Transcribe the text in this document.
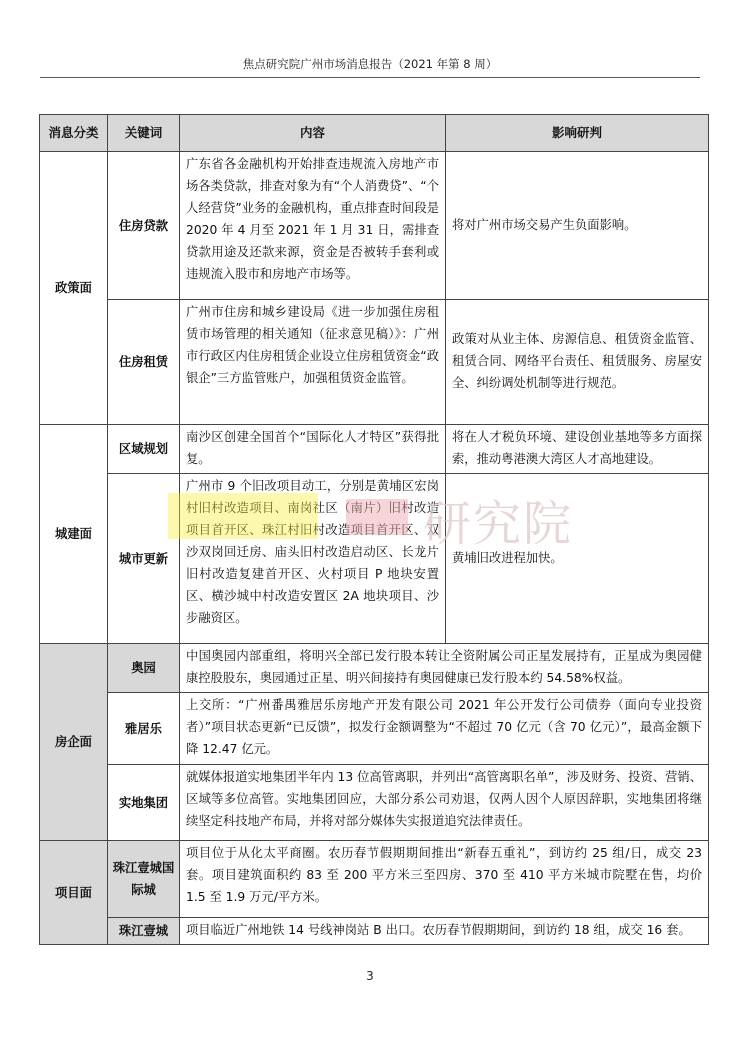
焦点研究院广州市场消息报告（2021 年第 8 周）
消息分类	关键词	内容	影响研判
政策面	住房贷款	广东省各金融机构开始排查违规流入房地产市场各类贷款，排查对象为有“个人消费贷”、“个人经营贷”业务的金融机构，重点排查时间段是 2020 年 4 月至 2021 年 1 月 31 日，需排查贷款用途及还款来源，资金是否被转手套利或违规流入股市和房地产市场等。	将对广州市场交易产生负面影响。
	住房租赁	广州市住房和城乡建设局《进一步加强住房租赁市场管理的相关通知（征求意见稿）》：广州市行政区内住房租赁企业设立住房租赁资金“政银企”三方监管账户，加强租赁资金监管。	政策对从业主体、房源信息、租赁资金监管、租赁合同、网络平台责任、租赁服务、房屋安全、纠纷调处机制等进行规范。
城建面	区域规划	南沙区创建全国首个“国际化人才特区”获得批复。	将在人才税负环境、建设创业基地等多方面探索，推动粤港澳大湾区人才高地建设。
	城市更新	广州市 9 个旧改项目动工，分别是黄埔区宏岗村旧村改造项目、南岗社区（南片）旧村改造项目首开区、珠江村旧村改造项目首开区、双沙双岗回迁房、庙头旧村改造启动区、长龙片旧村改造复建首开区、火村项目 P 地块安置区、横沙城中村改造安置区 2A 地块项目、沙步融资区。	黄埔旧改进程加快。
房企面	奥园	中国奥园内部重组，将明兴全部已发行股本转让全资附属公司正星发展持有，正星成为奥园健康控股股东，奥园通过正星、明兴间接持有奥园健康已发行股本约 54.58%权益。	
	雅居乐	上交所：“广州番禺雅居乐房地产开发有限公司 2021 年公开发行公司债券（面向专业投资者）”项目状态更新“已反馈”，拟发行金额调整为“不超过 70 亿元（含 70 亿元）”，最高金额下降 12.47 亿元。	
	实地集团	就媒体报道实地集团半年内 13 位高管离职，并列出“高管离职名单”，涉及财务、投资、营销、区域等多位高管。实地集团回应，大部分系公司劝退，仅两人因个人原因辞职，实地集团将继续坚定科技地产布局，并将对部分媒体失实报道追究法律责任。	
项目面	珠江壹城国际城	项目位于从化太平商圈。农历春节假期期间推出“新春五重礼”，到访约 25 组/日，成交 23 套。项目建筑面积约 83 至 200 平方米三至四房、370 至 410 平方米城市院墅在售，均价 1.5 至 1.9 万元/平方米。	
	珠江壹城	项目临近广州地铁 14 号线神岗站 B 出口。农历春节假期期间，到访约 18 组，成交 16 套。	
研究院
3
